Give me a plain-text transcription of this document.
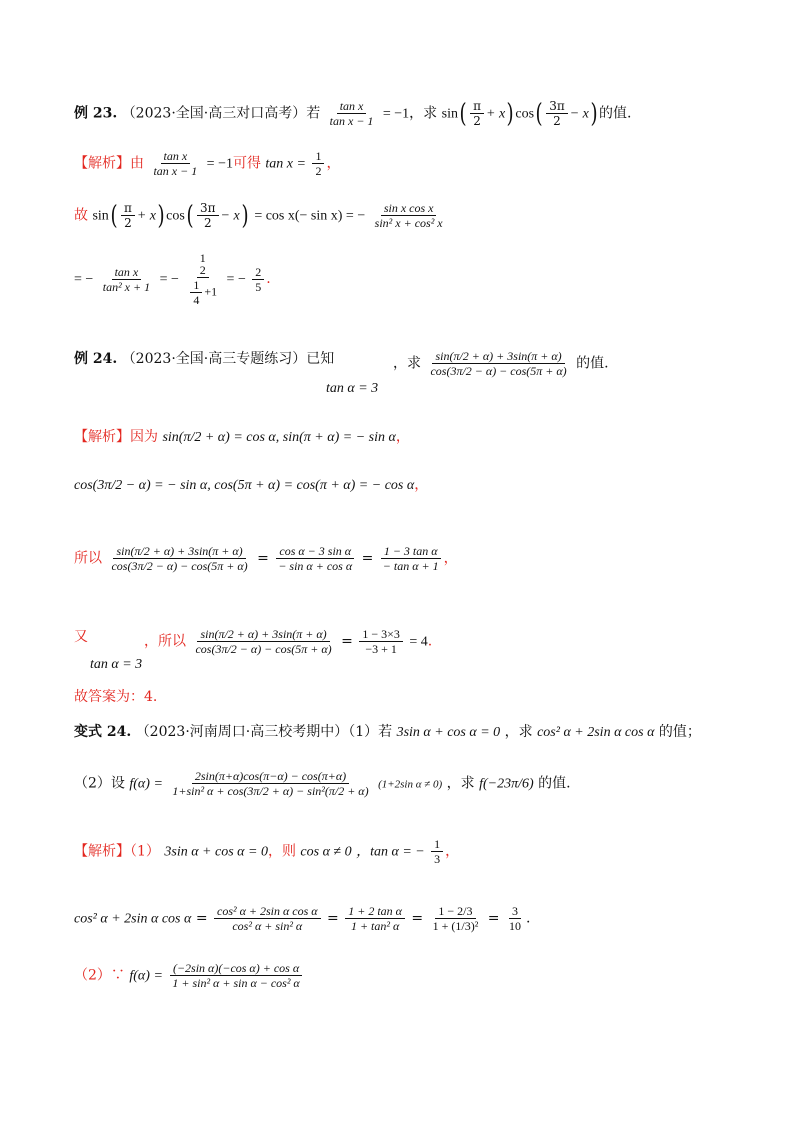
例 23. （2023·全国·高三对口高考）若 $\frac{\text{tan x}}{\text{tan x − 1}} = -1$，求 $\sin( \frac{\pi}{2} + x)$ $\cos( \frac{3\pi}{2} - x)$ 的值.
【解析】由 $\frac{\text{tan x}}{\text{tan x − 1}} = -1$可得 $\tan x = \frac{1}{2}$ ，
故 $\sin( \frac{\pi}{2} + x)$ $\cos( \frac{3\pi}{2} - x) = \cos x(- \sin x)$ = − $\frac{\text{sin x cos x}}{\text{sin² x + cos² x}}$
= − $\frac{\text{tan x}}{\text{tan² x + 1}}$ = −
1
2
$\frac{1}{4} +1$
= − $\frac{2}{5}$ .
例 24. （2023·全国·高三专题练习）已知
tan α = 3
，求 $\frac{\sin(\pi/2 + \alpha) + 3\sin(\pi + \alpha)}{\cos(3\pi/2 - \alpha) - \cos(5\pi + \alpha)}$ 的值.
【解析】因为 sin(π/2 + α) = cos α, sin(π + α) = − sin α，
cos(3π/2 − α) = − sin α, cos(5π + α) = cos(π + α) = − cos α，
所以 $\frac{\sin(\pi/2 + \alpha) + 3\sin(\pi + \alpha)}{\cos(3\pi/2 - \alpha) - \cos(5\pi + \alpha)} = \frac{\text{cos α − 3 sin α}}{\text{− sin α + cos α}} = \frac{\text{1 − 3 tan α}}{\text{− tan α + 1}}$ ，
又
tan α = 3
，所以 $\frac{\sin(\pi/2 + \alpha) + 3\sin(\pi + \alpha)}{\cos(3\pi/2 - \alpha) - \cos(5\pi + \alpha)} = \frac{1 - 3\times 3}{-3 + 1} = 4$.
故答案为：4.
变式 24. （2023·河南周口·高三校考期中）（1）若 3sin α + cos α = 0 ，求 cos² α + 2sin α cos α 的值；
（2）设 $f(\alpha) = \frac{2\sin(\pi+\alpha)\cos(\pi-\alpha) - \cos(\pi+\alpha)}{\text{1+sin² α + cos(3π/2 + α) − sin²(π/2 + α)}} (1+2\sin$ α ≠ 0) ，求 f(−23π/6) 的值.
【解析】（1） 3sin α + cos α = 0，则 cos α ≠ 0 ，tan α = − $\frac{1}{3}$ ，
cos² α + 2sin α $\cos \alpha = \frac{\text{cos² α + 2sin α cos α}}{\text{cos² α + sin² α}} = \frac{\text{1 + 2 tan α}}{\text{1 + tan² α}} = \frac{1 - 2/3}{\text{1 + (1/3)²}} = \frac{3}{10}$ .
（2）∵ $f(\alpha) = \frac{\text{(−2sin α)(−cos α) + cos α}}{\text{1 + sin² α + sin α − cos² α}}$
